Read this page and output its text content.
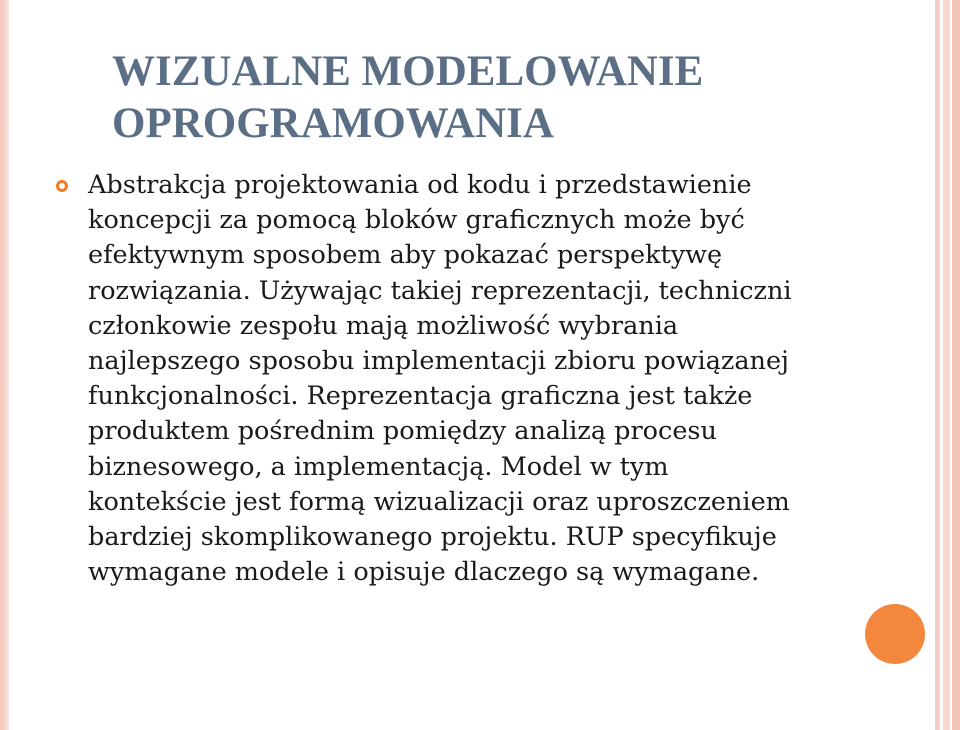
WIZUALNE MODELOWANIE
OPROGRAMOWANIA
Abstrakcja projektowania od kodu i przedstawienie koncepcji za pomocą bloków graficznych może być efektywnym sposobem aby pokazać perspektywę rozwiązania. Używając takiej reprezentacji, techniczni członkowie zespołu mają możliwość wybrania najlepszego sposobu implementacji zbioru powiązanej funkcjonalności. Reprezentacja graficzna jest także produktem pośrednim pomiędzy analizą procesu biznesowego, a implementacją. Model w tym kontekście jest formą wizualizacji oraz uproszczeniem bardziej skomplikowanego projektu. RUP specyfikuje wymagane modele i opisuje dlaczego są wymagane.
